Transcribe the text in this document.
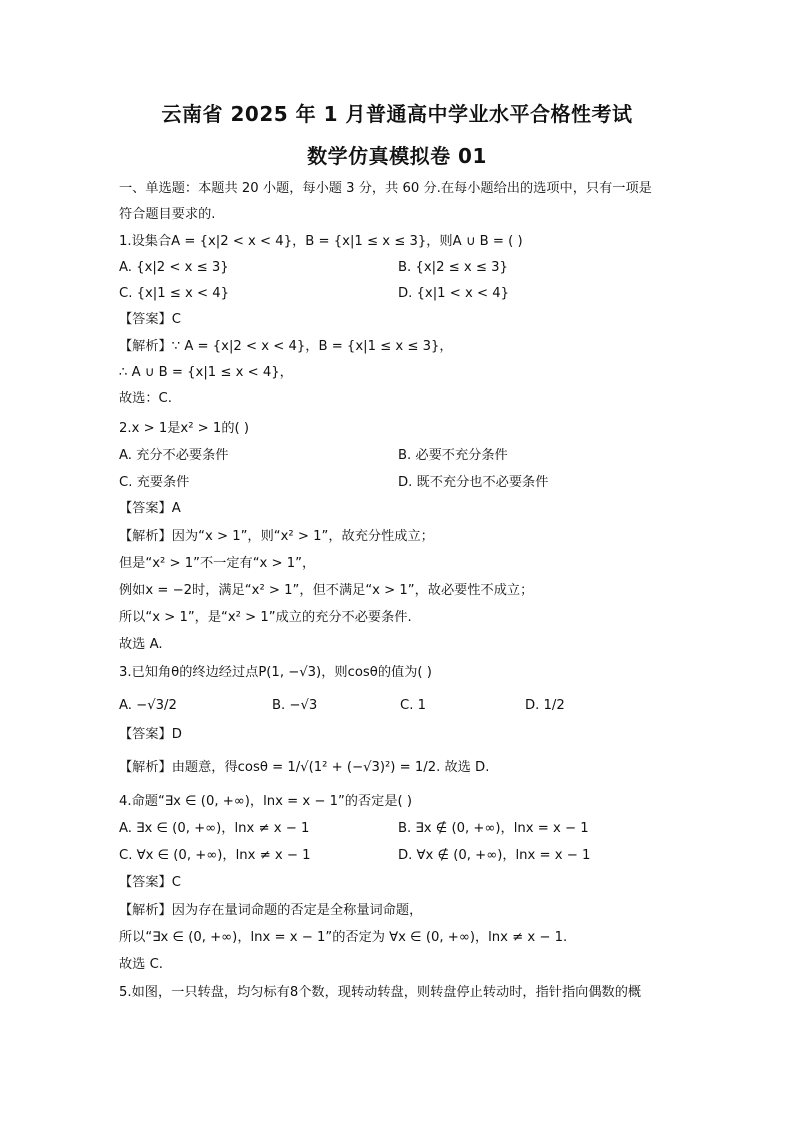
云南省 2025 年 1 月普通高中学业水平合格性考试
数学仿真模拟卷 01
一、单选题：本题共 20 小题，每小题 3 分，共 60 分.在每小题给出的选项中，只有一项是
符合题目要求的.
1.设集合A = {x|2 < x < 4}，B = {x|1 ≤ x ≤ 3}，则A ∪ B = ( )
A. {x|2 < x ≤ 3}	B. {x|2 ≤ x ≤ 3}
C. {x|1 ≤ x < 4}	D. {x|1 < x < 4}
【答案】C
【解析】∵ A = {x|2 < x < 4}，B = {x|1 ≤ x ≤ 3}，
∴ A ∪ B = {x|1 ≤ x < 4}，
故选：C.
2.x > 1是x² > 1的( )
A. 充分不必要条件	B. 必要不充分条件
C. 充要条件	D. 既不充分也不必要条件
【答案】A
【解析】因为“x > 1”，则“x² > 1”，故充分性成立；
但是“x² > 1”不一定有“x > 1”，
例如x = −2时，满足“x² > 1”，但不满足“x > 1”，故必要性不成立；
所以“x > 1”，是“x² > 1”成立的充分不必要条件.
故选 A.
3.已知角θ的终边经过点P(1, −√3)，则cosθ的值为( )
A. −√3/2	B. −√3	C. 1	D. 1/2
【答案】D
【解析】由题意，得cosθ = 1/√(1² + (−√3)²) = 1/2. 故选 D.
4.命题“∃x ∈ (0, +∞)，lnx = x − 1”的否定是( )
A. ∃x ∈ (0, +∞)，lnx ≠ x − 1	B. ∃x ∉ (0, +∞)，lnx = x − 1
C. ∀x ∈ (0, +∞)，lnx ≠ x − 1	D. ∀x ∉ (0, +∞)，lnx = x − 1
【答案】C
【解析】因为存在量词命题的否定是全称量词命题，
所以“∃x ∈ (0, +∞)，lnx = x − 1”的否定为 ∀x ∈ (0, +∞)，lnx ≠ x − 1.
故选 C.
5.如图，一只转盘，均匀标有8个数，现转动转盘，则转盘停止转动时，指针指向偶数的概
